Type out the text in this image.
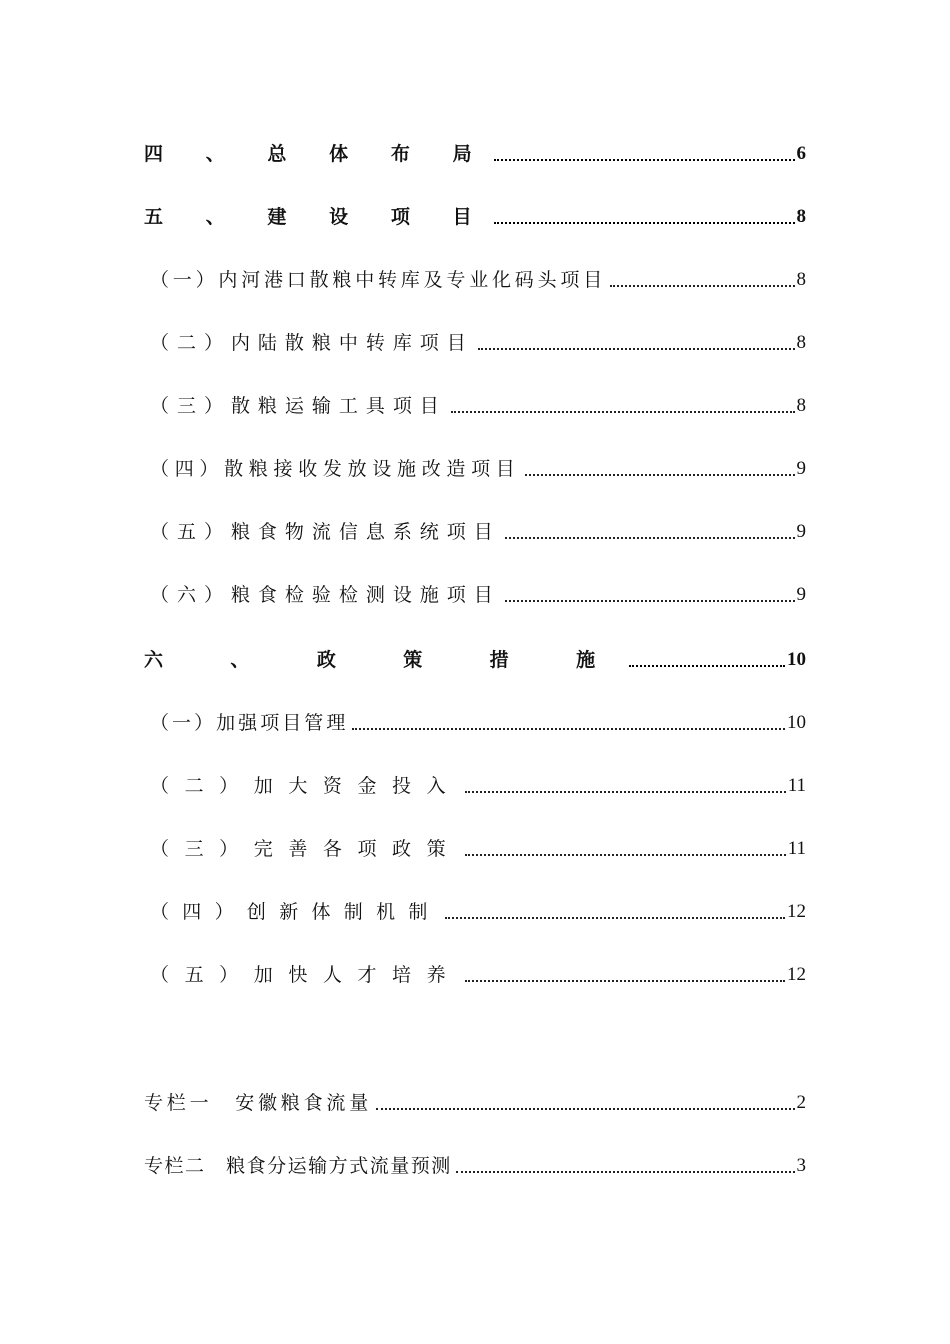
四 、 总 体 布 局	6
五 、 建 设 项 目	8
（一）内河港口散粮中转库及专业化码头项目	8
（二）内陆散粮中转库项目	8
（三）散粮运输工具项目	8
（四）散粮接收发放设施改造项目	9
（五）粮食物流信息系统项目	9
（六）粮食检验检测设施项目	9
六 、 政 策 措 施	10
（一）加强项目管理	10
（二）加大资金投入	11
（三）完善各项政策	11
（四）创新体制机制	12
（五）加快人才培养	12
专栏一　安徽粮食流量	2
专栏二　粮食分运输方式流量预测	3
